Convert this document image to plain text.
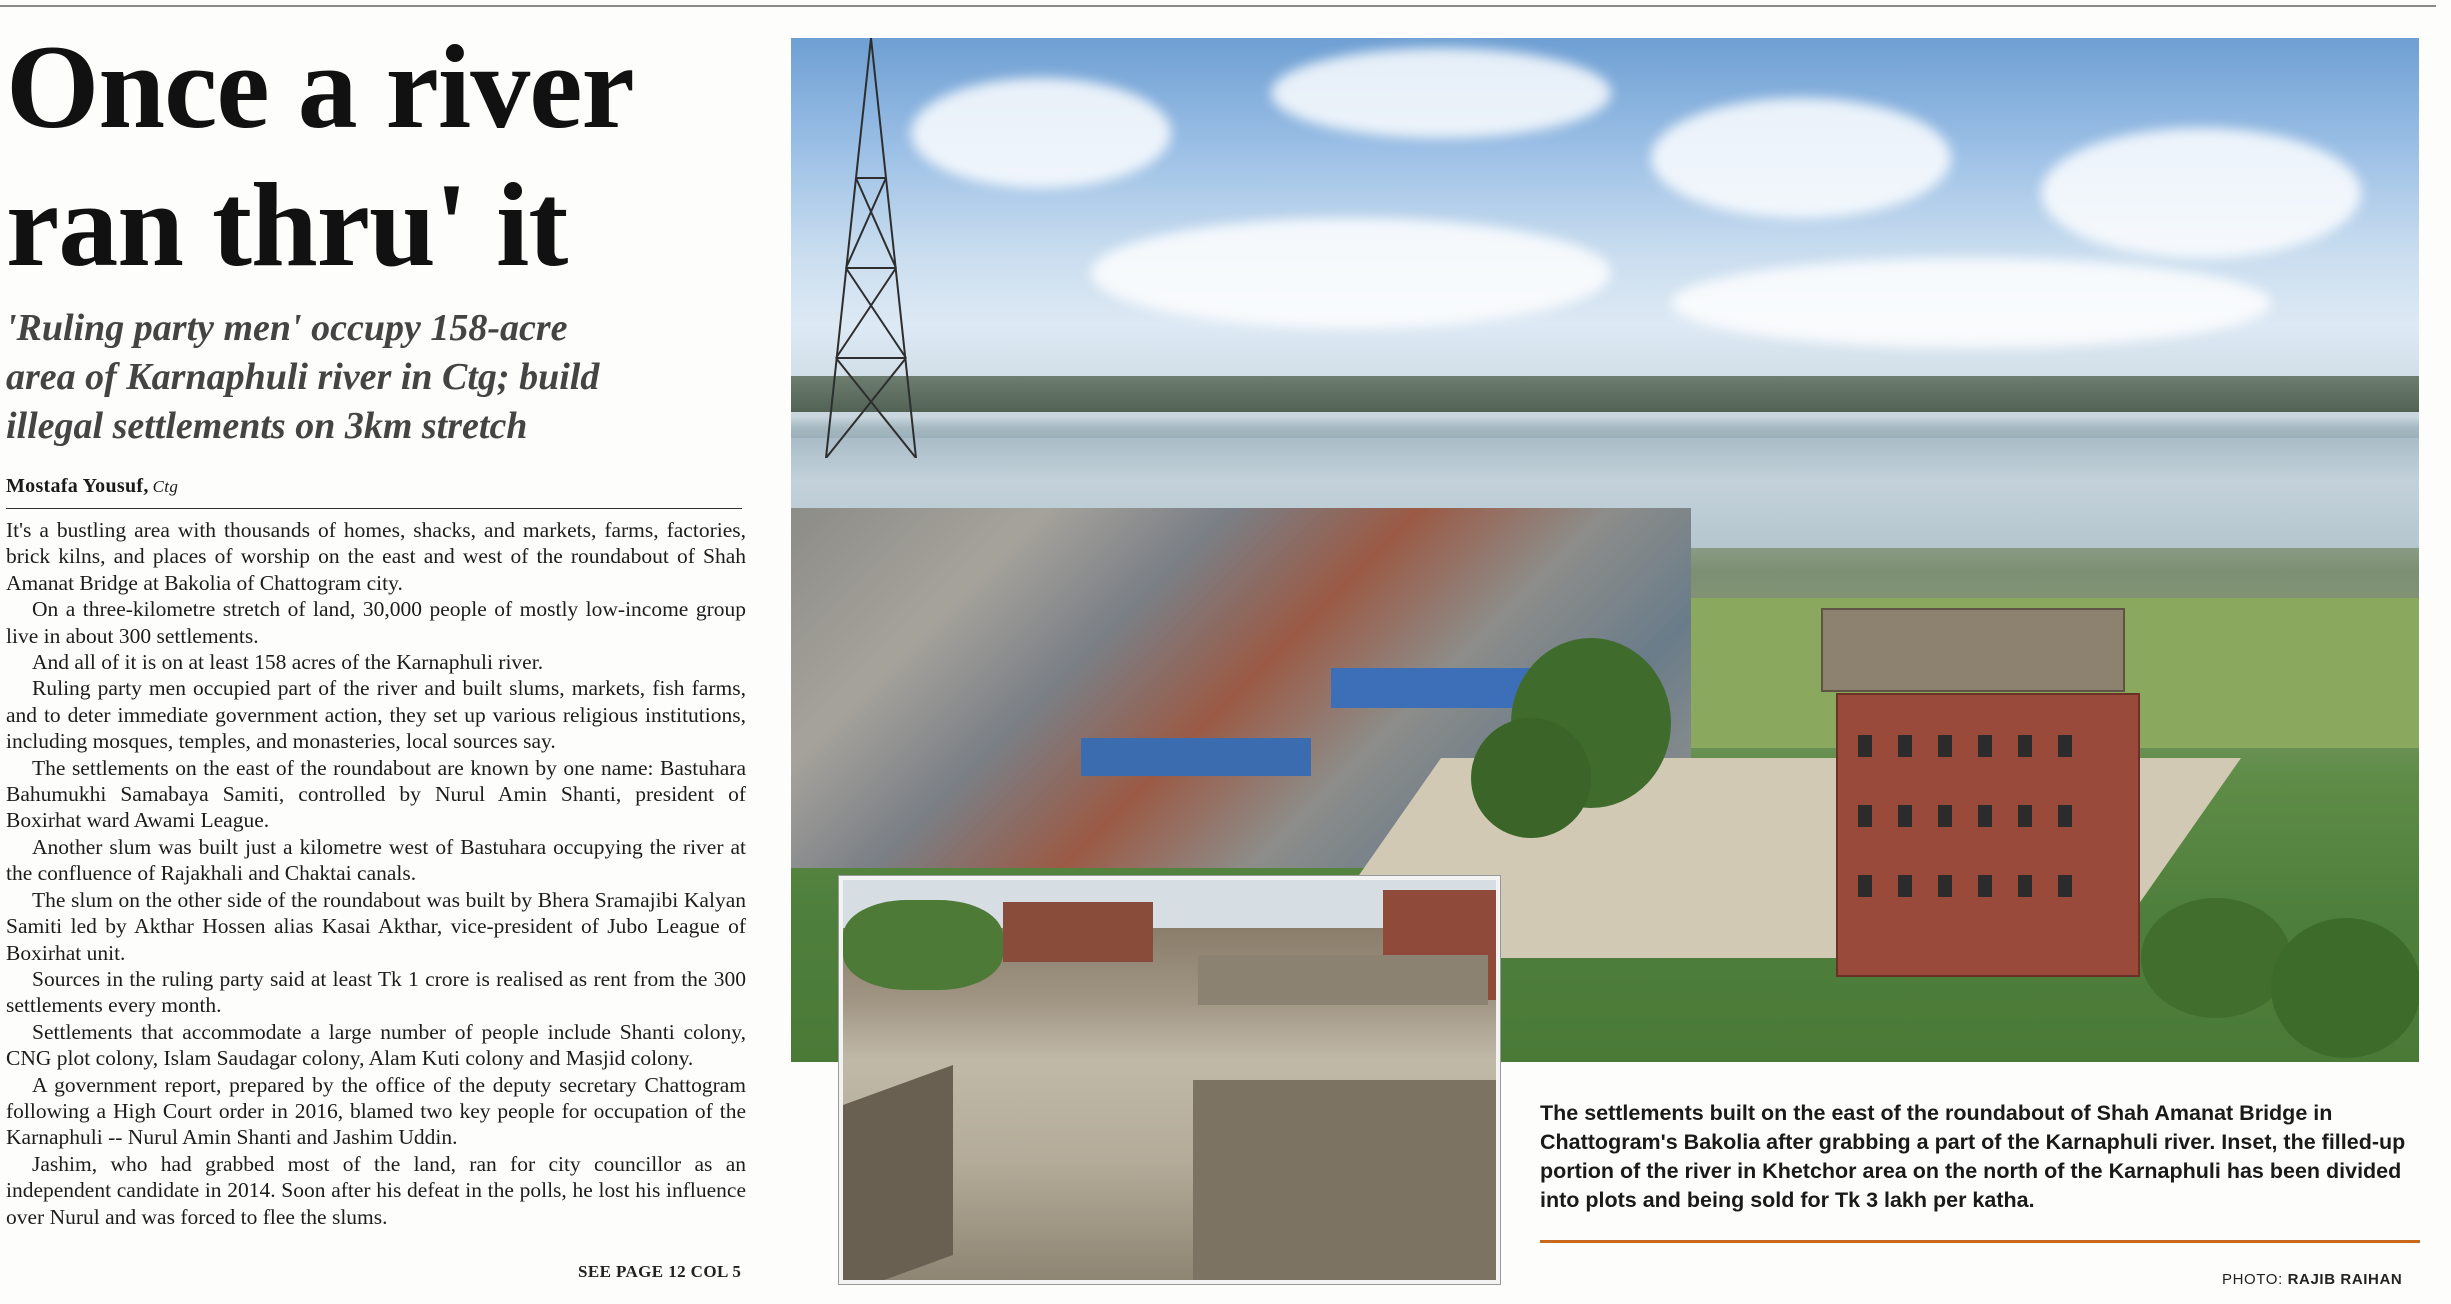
Once a river
ran thru' it
'Ruling party men' occupy 158-acre
area of Karnaphuli river in Ctg; build
illegal settlements on 3km stretch
Mostafa Yousuf, Ctg

It's a bustling area with thousands of homes, shacks, and markets, farms, factories, brick kilns, and places of worship on the east and west of the roundabout of Shah Amanat Bridge at Bakolia of Chattogram city.

On a three-kilometre stretch of land, 30,000 people of mostly low-income group live in about 300 settlements.

And all of it is on at least 158 acres of the Karnaphuli river.

Ruling party men occupied part of the river and built slums, markets, fish farms, and to deter immediate government action, they set up various religious institutions, including mosques, temples, and monasteries, local sources say.

The settlements on the east of the roundabout are known by one name: Bastuhara Bahumukhi Samabaya Samiti, controlled by Nurul Amin Shanti, president of Boxirhat ward Awami League.

Another slum was built just a kilometre west of Bastuhara occupying the river at the confluence of Rajakhali and Chaktai canals.

The slum on the other side of the roundabout was built by Bhera Sramajibi Kalyan Samiti led by Akthar Hossen alias Kasai Akthar, vice-president of Jubo League of Boxirhat unit.

Sources in the ruling party said at least Tk 1 crore is realised as rent from the 300 settlements every month.

Settlements that accommodate a large number of people include Shanti colony, CNG plot colony, Islam Saudagar colony, Alam Kuti colony and Masjid colony.

A government report, prepared by the office of the deputy secretary Chattogram following a High Court order in 2016, blamed two key people for occupation of the Karnaphuli -- Nurul Amin Shanti and Jashim Uddin.

Jashim, who had grabbed most of the land, ran for city councillor as an independent candidate in 2014. Soon after his defeat in the polls, he lost his influence over Nurul and was forced to flee the slums.

SEE PAGE 12 COL 5
The settlements built on the east of the roundabout of Shah Amanat Bridge in
Chattogram's Bakolia after grabbing a part of the Karnaphuli river. Inset, the filled-up
portion of the river in Khetchor area on the north of the Karnaphuli has been divided
into plots and being sold for Tk 3 lakh per katha.
PHOTO: RAJIB RAIHAN
